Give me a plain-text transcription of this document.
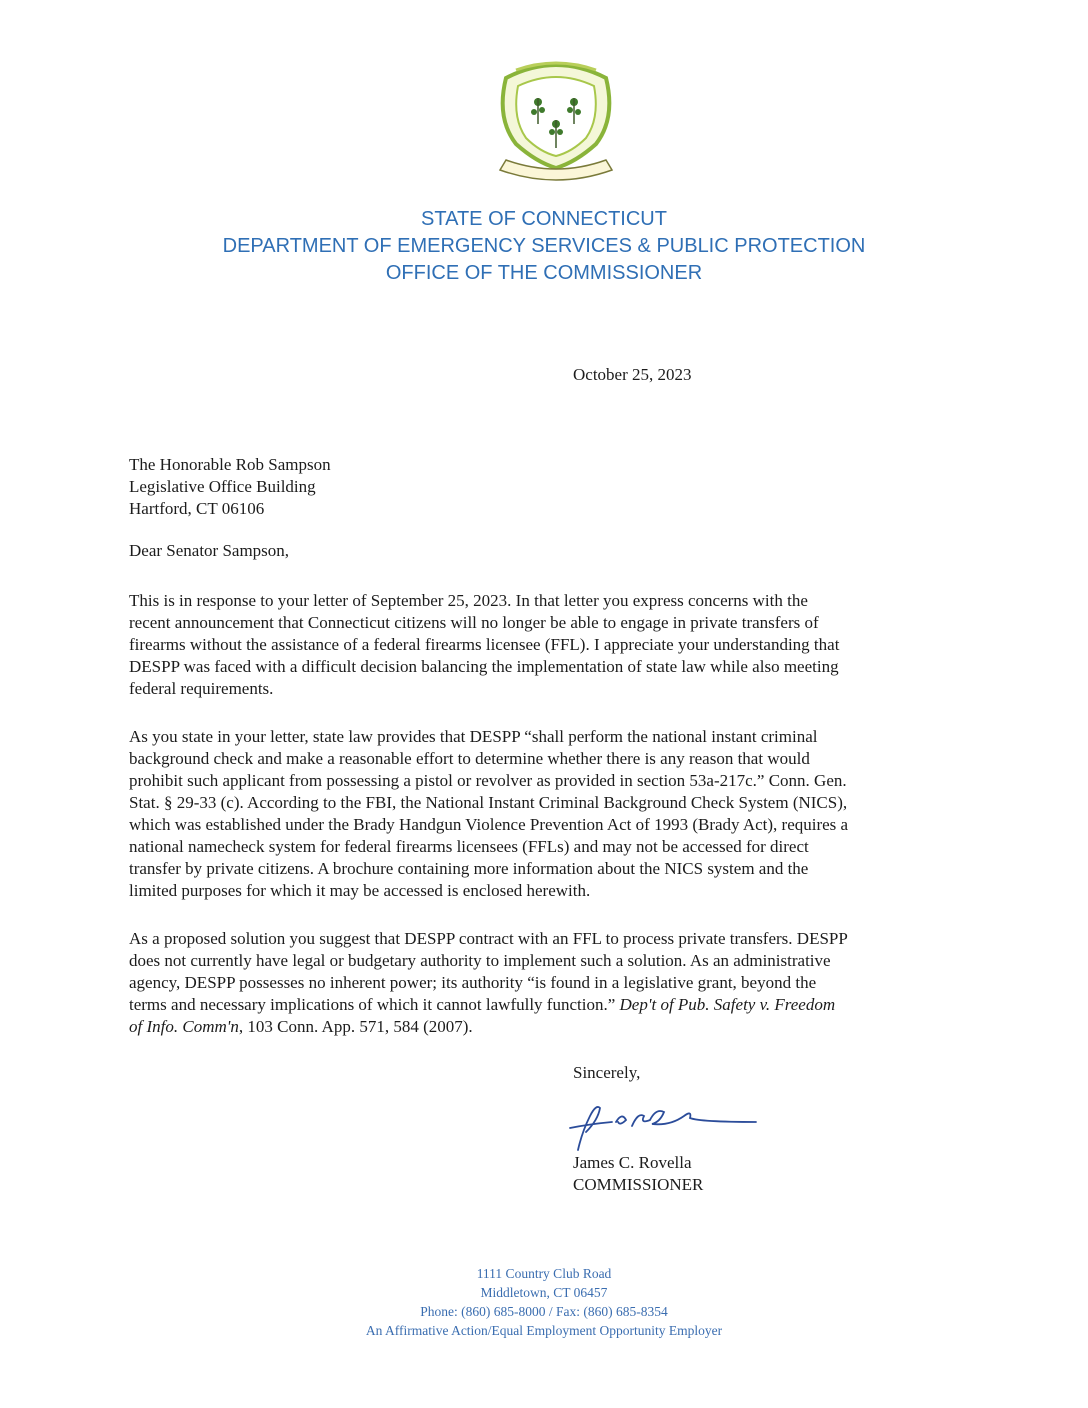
STATE OF CONNECTICUT
DEPARTMENT OF EMERGENCY SERVICES & PUBLIC PROTECTION
OFFICE OF THE COMMISSIONER
October 25, 2023
The Honorable Rob Sampson
Legislative Office Building
Hartford, CT 06106
Dear Senator Sampson,

This is in response to your letter of September 25, 2023. In that letter you express concerns with the
recent announcement that Connecticut citizens will no longer be able to engage in private transfers of
firearms without the assistance of a federal firearms licensee (FFL). I appreciate your understanding that
DESPP was faced with a difficult decision balancing the implementation of state law while also meeting
federal requirements.

As you state in your letter, state law provides that DESPP “shall perform the national instant criminal
background check and make a reasonable effort to determine whether there is any reason that would
prohibit such applicant from possessing a pistol or revolver as provided in section 53a-217c.” Conn. Gen.
Stat. § 29-33 (c). According to the FBI, the National Instant Criminal Background Check System (NICS),
which was established under the Brady Handgun Violence Prevention Act of 1993 (Brady Act), requires a
national namecheck system for federal firearms licensees (FFLs) and may not be accessed for direct
transfer by private citizens. A brochure containing more information about the NICS system and the
limited purposes for which it may be accessed is enclosed herewith.

As a proposed solution you suggest that DESPP contract with an FFL to process private transfers. DESPP
does not currently have legal or budgetary authority to implement such a solution. As an administrative
agency, DESPP possesses no inherent power; its authority “is found in a legislative grant, beyond the
terms and necessary implications of which it cannot lawfully function.” Dep't of Pub. Safety v. Freedom
of Info. Comm'n, 103 Conn. App. 571, 584 (2007).

Sincerely,
James C. Rovella
COMMISSIONER
1111 Country Club Road
Middletown, CT 06457
Phone: (860) 685-8000 / Fax: (860) 685-8354
An Affirmative Action/Equal Employment Opportunity Employer
